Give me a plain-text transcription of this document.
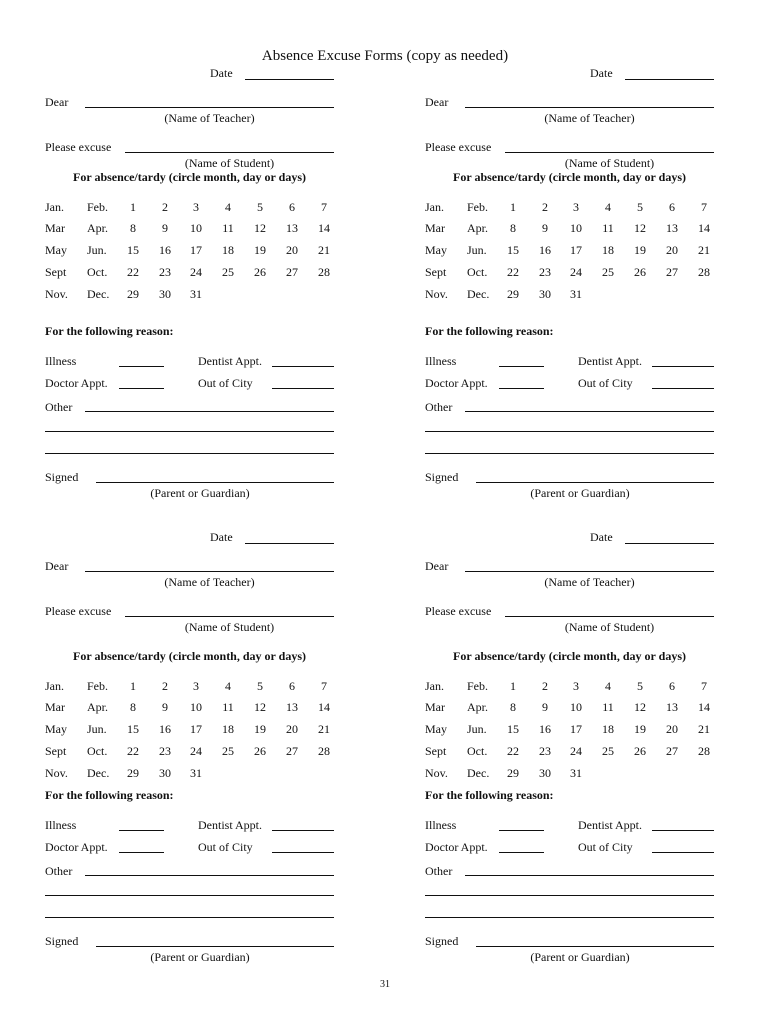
Absence Excuse Forms (copy as needed)
Date
Dear
(Name of Teacher)
Please excuse
(Name of Student)
For absence/tardy (circle month, day or days)
Jan. Feb.	1	2	3	4	5	6	7
Mar Apr.	8	9	10	11	12	13	14
May Jun.	15	16	17	18	19	20	21
Sept Oct.	22	23	24	25	26	27	28
Nov. Dec.	29	30	31
For the following reason:
Illness	Dentist Appt.
Doctor Appt.	Out of City
Other
Signed
(Parent or Guardian)
Date
Dear
(Name of Teacher)
Please excuse
(Name of Student)
For absence/tardy (circle month, day or days)
Jan. Feb.	1	2	3	4	5	6	7
Mar Apr.	8	9	10	11	12	13	14
May Jun.	15	16	17	18	19	20	21
Sept Oct.	22	23	24	25	26	27	28
Nov. Dec.	29	30	31
For the following reason:
Illness	Dentist Appt.
Doctor Appt.	Out of City
Other
Signed
(Parent or Guardian)
Date
Dear
(Name of Teacher)
Please excuse
(Name of Student)
For absence/tardy (circle month, day or days)
Jan. Feb.	1	2	3	4	5	6	7
Mar Apr.	8	9	10	11	12	13	14
May Jun.	15	16	17	18	19	20	21
Sept Oct.	22	23	24	25	26	27	28
Nov. Dec.	29	30	31
For the following reason:
Illness	Dentist Appt.
Doctor Appt.	Out of City
Other
Signed
(Parent or Guardian)
Date
Dear
(Name of Teacher)
Please excuse
(Name of Student)
For absence/tardy (circle month, day or days)
Jan. Feb.	1	2	3	4	5	6	7
Mar Apr.	8	9	10	11	12	13	14
May Jun.	15	16	17	18	19	20	21
Sept Oct.	22	23	24	25	26	27	28
Nov. Dec.	29	30	31
For the following reason:
Illness	Dentist Appt.
Doctor Appt.	Out of City
Other
Signed
(Parent or Guardian)
31
